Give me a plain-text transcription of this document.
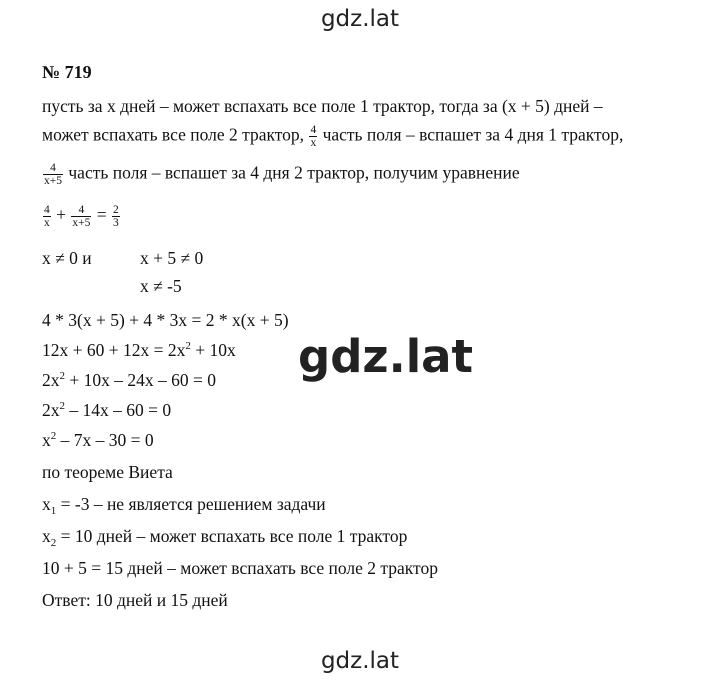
gdz.lat
№ 719
пусть за х дней – может вспахать все поле 1 трактор, тогда за (х + 5) дней –
может вспахать все поле 2 трактор, $\frac{4}{x}$ часть поля – вспашет за 4 дня 1 трактор,
$\frac{4}{x+5}$ часть поля – вспашет за 4 дня 2 трактор, получим уравнение
$\frac{4}{x} + \frac{4}{x+5} = \frac{2}{3}$
х ≠ 0 и	х + 5 ≠ 0
х ≠ -5
4 * 3(х + 5) + 4 * 3х = 2 * х(х + 5)
$12х + 60 + 12х = 2х^2 + 10х$
$2х^2 + 10х - 24х - 60 = 0$
$2х^2 - 14х - 60 = 0$
$х^2 - 7х - 30 = 0$
по теореме Виета
$х_1 = -3$ – не является решением задачи
$х_2 = 10$ дней – может вспахать все поле 1 трактор
10 + 5 = 15 дней – может вспахать все поле 2 трактор
Ответ: 10 дней и 15 дней
gdz.lat
gdz.lat
